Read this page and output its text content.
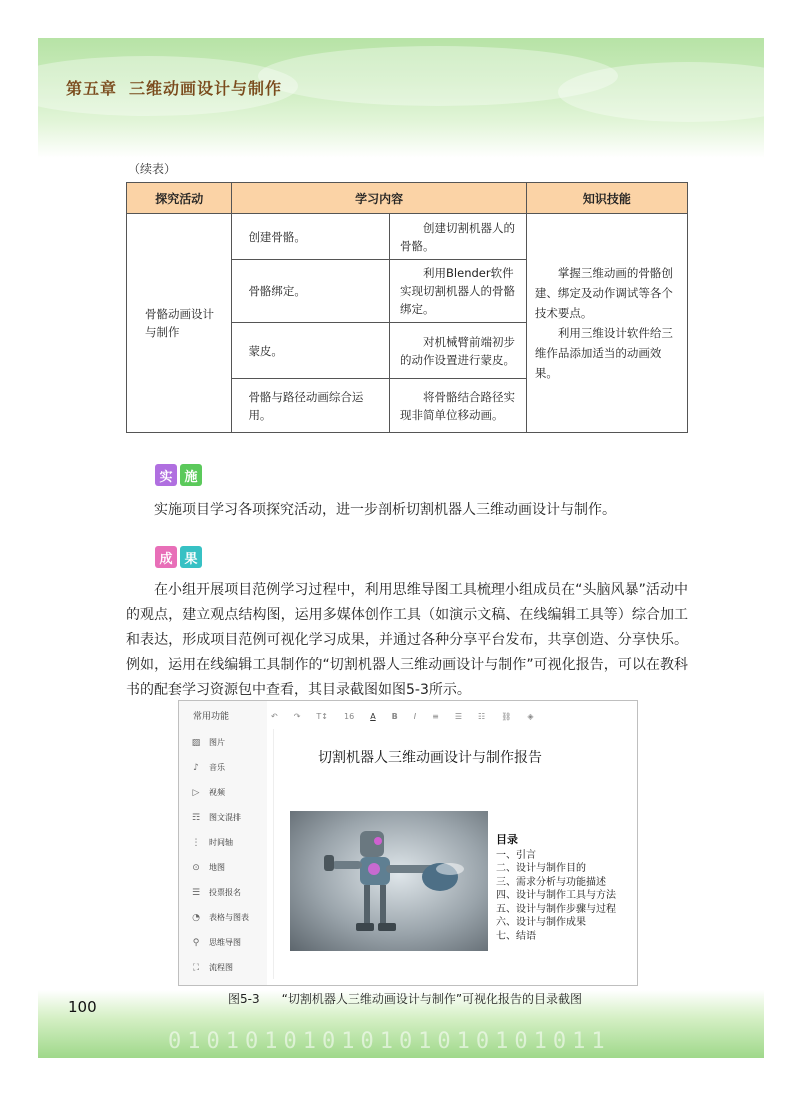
第五章 三维动画设计与制作
（续表）
探究活动	学习内容		知识技能
骨骼动画设计与制作	创建骨骼。	创建切割机器人的骨骼。	掌握三维动画的骨骼创建、绑定及动作调试等各个技术要点。
利用三维设计软件给三维作品添加适当的动画效果。

	骨骼绑定。	利用Blender软件实现切割机器人的骨骼绑定。	
	蒙皮。	对机械臂前端初步的动作设置进行蒙皮。	
	骨骼与路径动画综合运用。	将骨骼结合路径实现非简单位移动画。	
实 施
实施项目学习各项探究活动，进一步剖析切割机器人三维动画设计与制作。
成 果
在小组开展项目范例学习过程中，利用思维导图工具梳理小组成员在“头脑风暴”活动中的观点，建立观点结构图，运用多媒体创作工具（如演示文稿、在线编辑工具等）综合加工和表达，形成项目范例可视化学习成果，并通过各种分享平台发布，共享创造、分享快乐。例如，运用在线编辑工具制作的“切割机器人三维动画设计与制作”可视化报告，可以在教科书的配套学习资源包中查看，其目录截图如图5-3所示。
常用功能
▨ 图片
♪ 音乐
▷ 视频
☶ 图文混排
⋮ 时间轴
⊙ 地图
☰ 投票报名
◔ 表格与图表
⚲ 思维导图
⛶ 流程图
↶ ↷ T↕ 16 A B I ≡ ☰ ☷ ⛓ ◈
切割机器人三维动画设计与制作报告
目录
一、引言
二、设计与制作目的
三、需求分析与功能描述
四、设计与制作工具与方法
五、设计与制作步骤与过程
六、设计与制作成果
七、结语
01010101010101010101011
图5-3 “切割机器人三维动画设计与制作”可视化报告的目录截图
100
